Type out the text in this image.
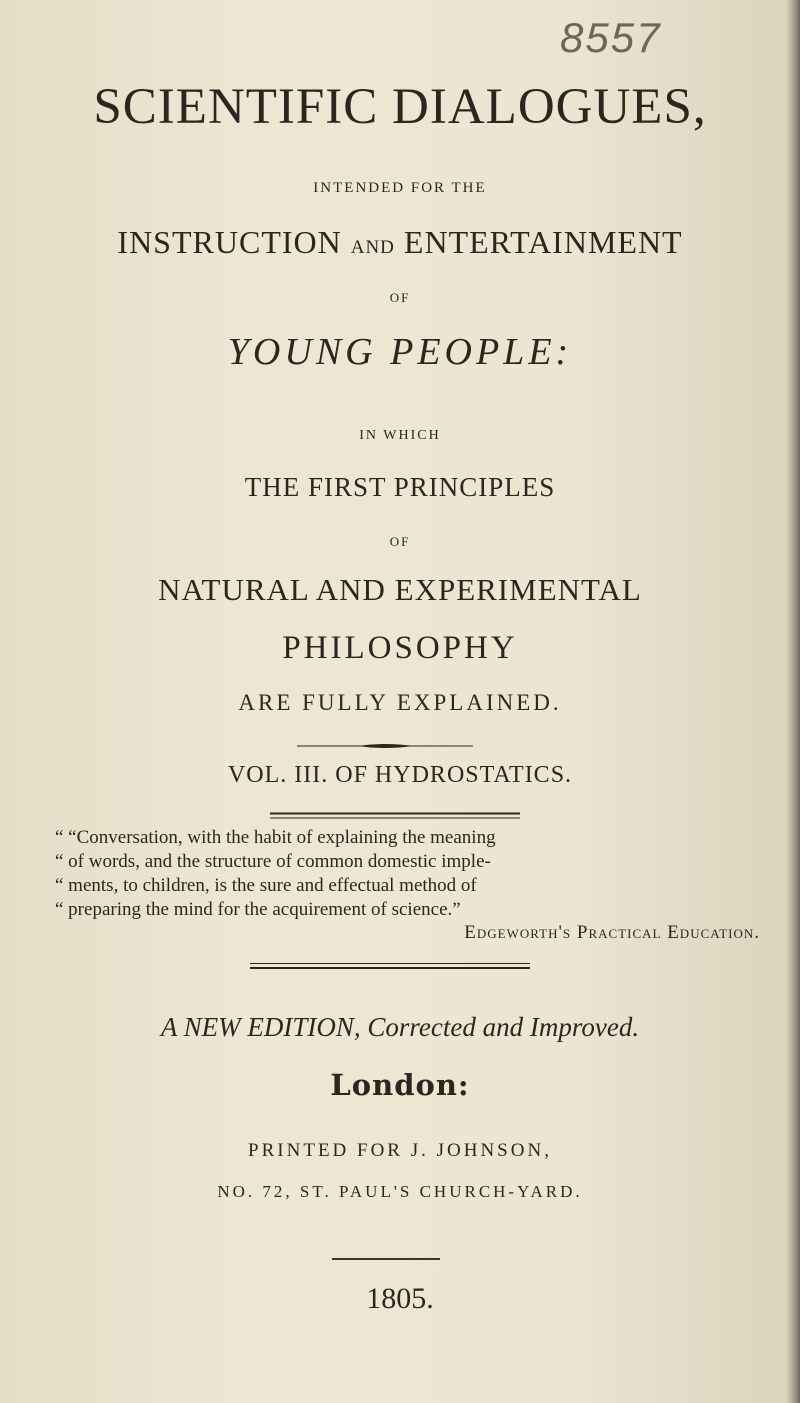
8557
SCIENTIFIC DIALOGUES,
INTENDED FOR THE
INSTRUCTION AND ENTERTAINMENT
OF
YOUNG PEOPLE:
IN WHICH
THE FIRST PRINCIPLES
OF
NATURAL AND EXPERIMENTAL
PHILOSOPHY
ARE FULLY EXPLAINED.
VOL. III. OF HYDROSTATICS.
“ “Conversation, with the habit of explaining the meaning
“ of words, and the structure of common domestic imple-
“ ments, to children, is the sure and effectual method of
“ preparing the mind for the acquirement of science.”
Edgeworth's Practical Education.
A NEW EDITION, Corrected and Improved.
London:
PRINTED FOR J. JOHNSON,
NO. 72, ST. PAUL'S CHURCH-YARD.
1805.
